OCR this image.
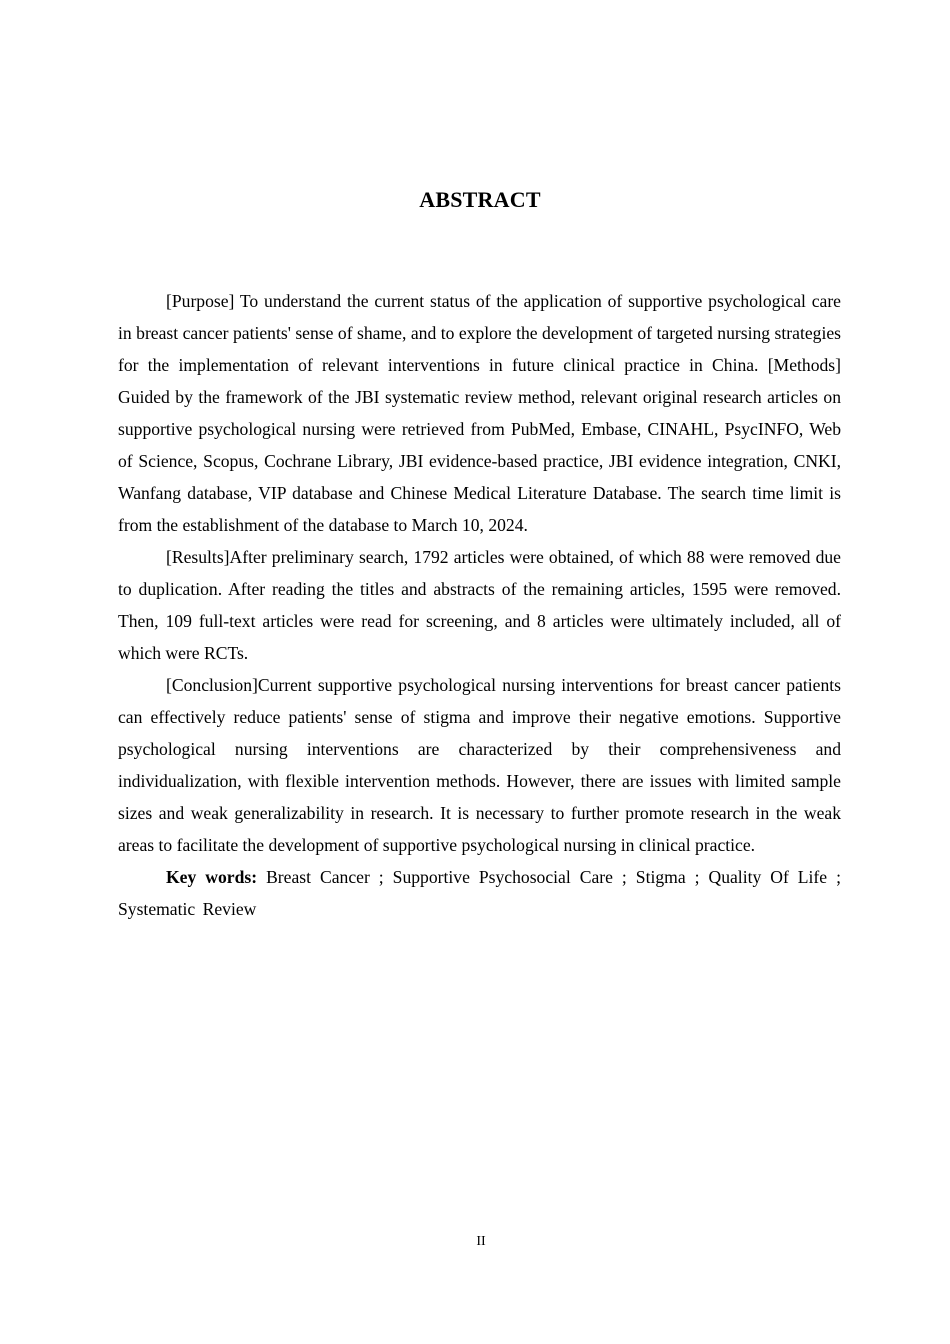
ABSTRACT

[Purpose] To understand the current status of the application of supportive psychological care in breast cancer patients' sense of shame, and to explore the development of targeted nursing strategies for the implementation of relevant interventions in future clinical practice in China. [Methods]　Guided by the framework of the JBI systematic review method, relevant original research articles on supportive psychological nursing were retrieved from PubMed, Embase, CINAHL, PsycINFO, Web of Science, Scopus, Cochrane Library, JBI evidence-based practice, JBI evidence integration, CNKI, Wanfang database, VIP database and Chinese Medical Literature Database. The search time limit is from the establishment of the database to March 10, 2024.

[Results]After preliminary search, 1792 articles were obtained, of which 88 were removed due to duplication. After reading the titles and abstracts of the remaining articles, 1595 were removed. Then, 109 full-text articles were read for screening, and 8 articles were ultimately included, all of which were RCTs.

[Conclusion]Current supportive psychological nursing interventions for breast cancer patients can effectively reduce patients' sense of stigma and improve their negative emotions. Supportive psychological nursing interventions are characterized by their comprehensiveness and individualization, with flexible intervention methods. However, there are issues with limited sample sizes and weak generalizability in research. It is necessary to further promote research in the weak areas to facilitate the development of supportive psychological nursing in clinical practice.

Key words: Breast Cancer ; Supportive Psychosocial Care ; Stigma ; Quality Of Life ; Systematic Review

II
